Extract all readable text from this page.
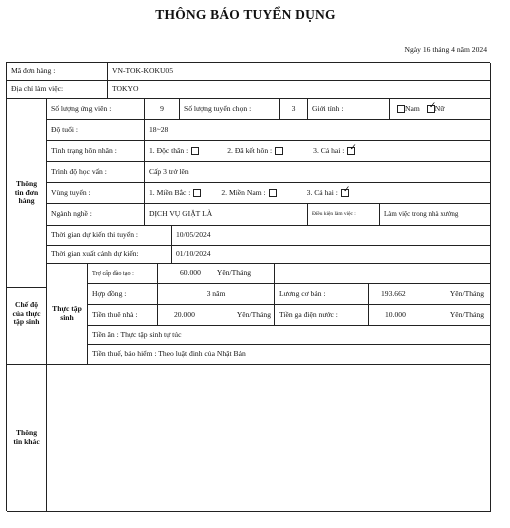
THÔNG BÁO TUYỂN DỤNG
Ngày 16 tháng 4 năm 2024
Mã đơn hàng :	VN-TOK-KOKU05
Địa chỉ làm việc:	TOKYO
Thông tin đơn hàng
Số lượng ứng viên :	9	Số lượng tuyển chọn :	3	Giới tính :	Nam ✓
Nữ
Độ tuổi :	18~28
Tình trạng hôn nhân :	1. Độc thân :	2. Đã kết hôn :	3. Cả hai : ✓
Trình độ học vấn :	Cấp 3 trở lên
Vùng tuyển :	1. Miền Bắc :	2. Miền Nam :	3. Cả hai : ✓
Ngành nghề :	DỊCH VỤ GIẶT LÀ	Điều kiện làm việc :	Làm việc trong nhà xưởng
Thời gian dự kiến thi tuyển :	10/05/2024
Thời gian xuất cảnh dự kiến:	01/10/2024
Chế độ của thực tập sinh
Thực tập sinh
Trợ cấp đào tạo :	60.000 Yên/Tháng
Hợp đồng :	3 năm	Lương cơ bản :	193.662	Yên/Tháng
Tiền thuê nhà :	20.000	Yên/Tháng	Tiền ga điện nước :	10.000	Yên/Tháng
Tiền ăn : Thực tập sinh tự túc
Tiền thuế, bảo hiểm : Theo luật đinh của Nhật Bản
Thông tin khác
